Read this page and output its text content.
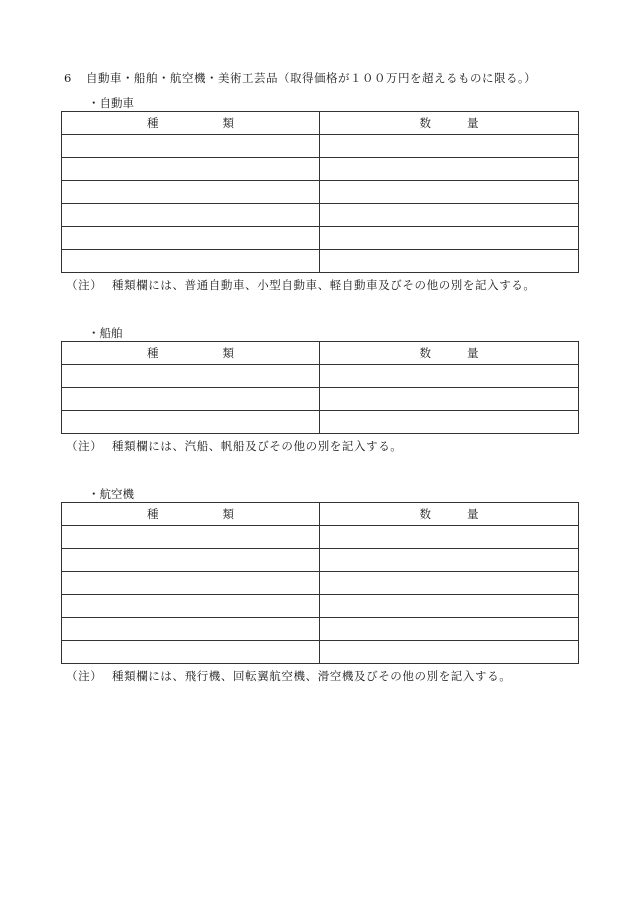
6 自動車・船舶・航空機・美術工芸品（取得価格が１００万円を超えるものに限る。）
・自動車
種 類	数 量

（注） 種類欄には、普通自動車、小型自動車、軽自動車及びその他の別を記入する。
・船舶
種 類	数 量

（注） 種類欄には、汽船、帆船及びその他の別を記入する。
・航空機
種 類	数 量

（注） 種類欄には、飛行機、回転翼航空機、滑空機及びその他の別を記入する。
